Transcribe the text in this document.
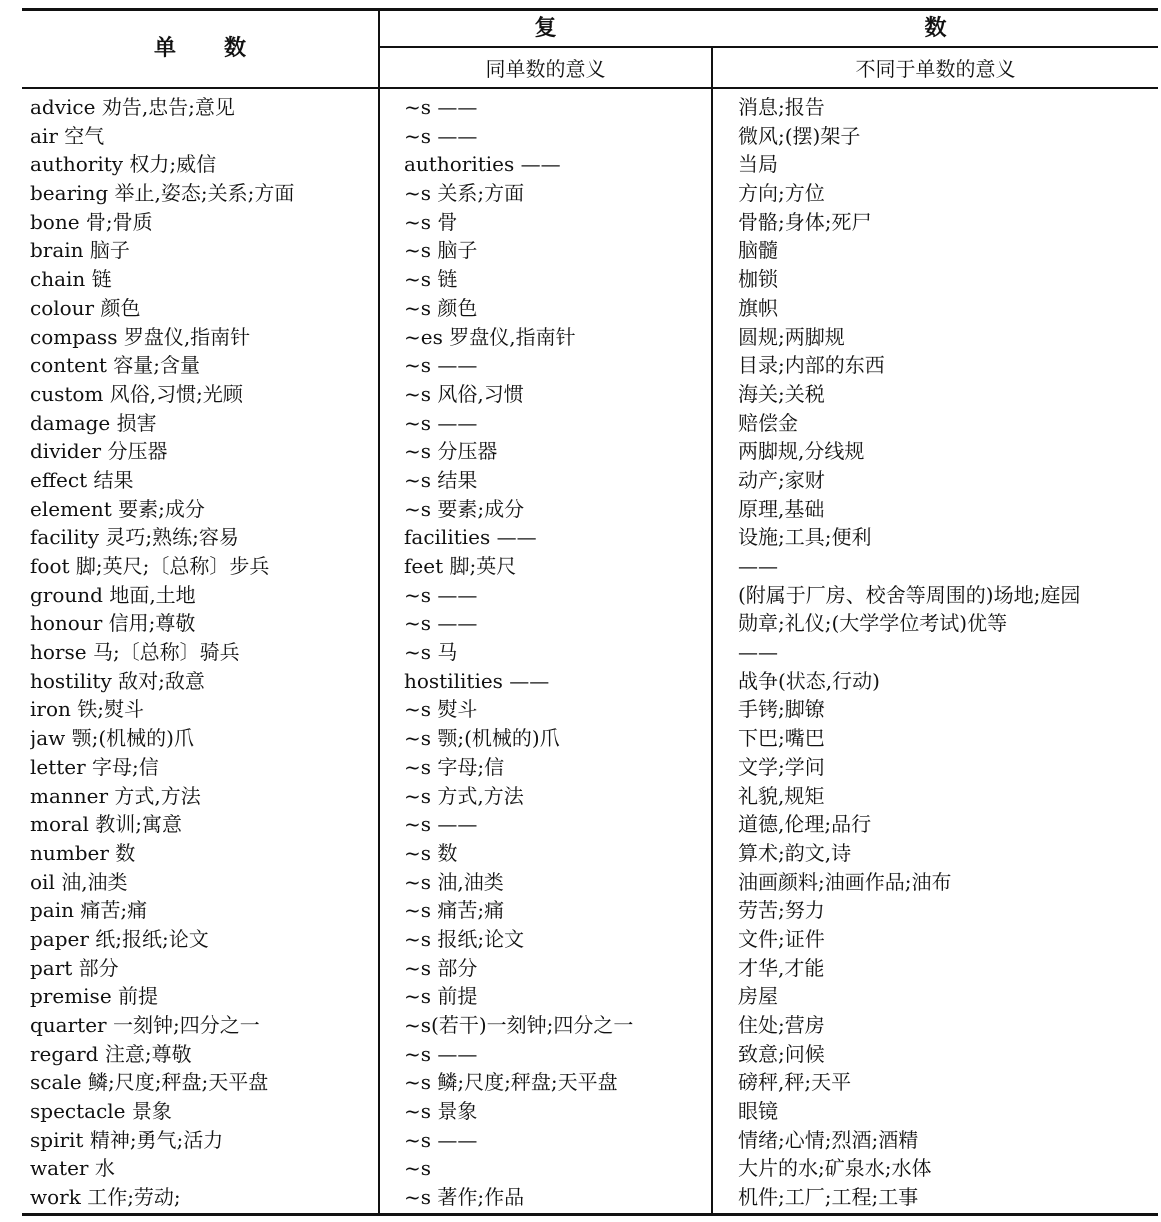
单数
复	数
同单数的意义	不同于单数的意义
advice 劝告,忠告;意见	~s ——	消息;报告
air 空气	~s ——	微风;(摆)架子
authority 权力;威信	authorities ——	当局
bearing 举止,姿态;关系;方面	~s 关系;方面	方向;方位
bone 骨;骨质	~s 骨	骨骼;身体;死尸
brain 脑子	~s 脑子	脑髓
chain 链	~s 链	枷锁
colour 颜色	~s 颜色	旗帜
compass 罗盘仪,指南针	~es 罗盘仪,指南针	圆规;两脚规
content 容量;含量	~s ——	目录;内部的东西
custom 风俗,习惯;光顾	~s 风俗,习惯	海关;关税
damage 损害	~s ——	赔偿金
divider 分压器	~s 分压器	两脚规,分线规
effect 结果	~s 结果	动产;家财
element 要素;成分	~s 要素;成分	原理,基础
facility 灵巧;熟练;容易	facilities ——	设施;工具;便利
foot 脚;英尺;〔总称〕步兵	feet 脚;英尺	——
ground 地面,土地	~s ——	(附属于厂房、校舍等周围的)场地;庭园
honour 信用;尊敬	~s ——	勋章;礼仪;(大学学位考试)优等
horse 马;〔总称〕骑兵	~s 马	——
hostility 敌对;敌意	hostilities ——	战争(状态,行动)
iron 铁;熨斗	~s 熨斗	手铐;脚镣
jaw 颚;(机械的)爪	~s 颚;(机械的)爪	下巴;嘴巴
letter 字母;信	~s 字母;信	文学;学问
manner 方式,方法	~s 方式,方法	礼貌,规矩
moral 教训;寓意	~s ——	道德,伦理;品行
number 数	~s 数	算术;韵文,诗
oil 油,油类	~s 油,油类	油画颜料;油画作品;油布
pain 痛苦;痛	~s 痛苦;痛	劳苦;努力
paper 纸;报纸;论文	~s 报纸;论文	文件;证件
part 部分	~s 部分	才华,才能
premise 前提	~s 前提	房屋
quarter 一刻钟;四分之一	~s(若干)一刻钟;四分之一	住处;营房
regard 注意;尊敬	~s ——	致意;问候
scale 鳞;尺度;秤盘;天平盘	~s 鳞;尺度;秤盘;天平盘	磅秤,秤;天平
spectacle 景象	~s 景象	眼镜
spirit 精神;勇气;活力	~s ——	情绪;心情;烈酒;酒精
water 水	~s	大片的水;矿泉水;水体
work 工作;劳动;	~s 著作;作品	机件;工厂;工程;工事
